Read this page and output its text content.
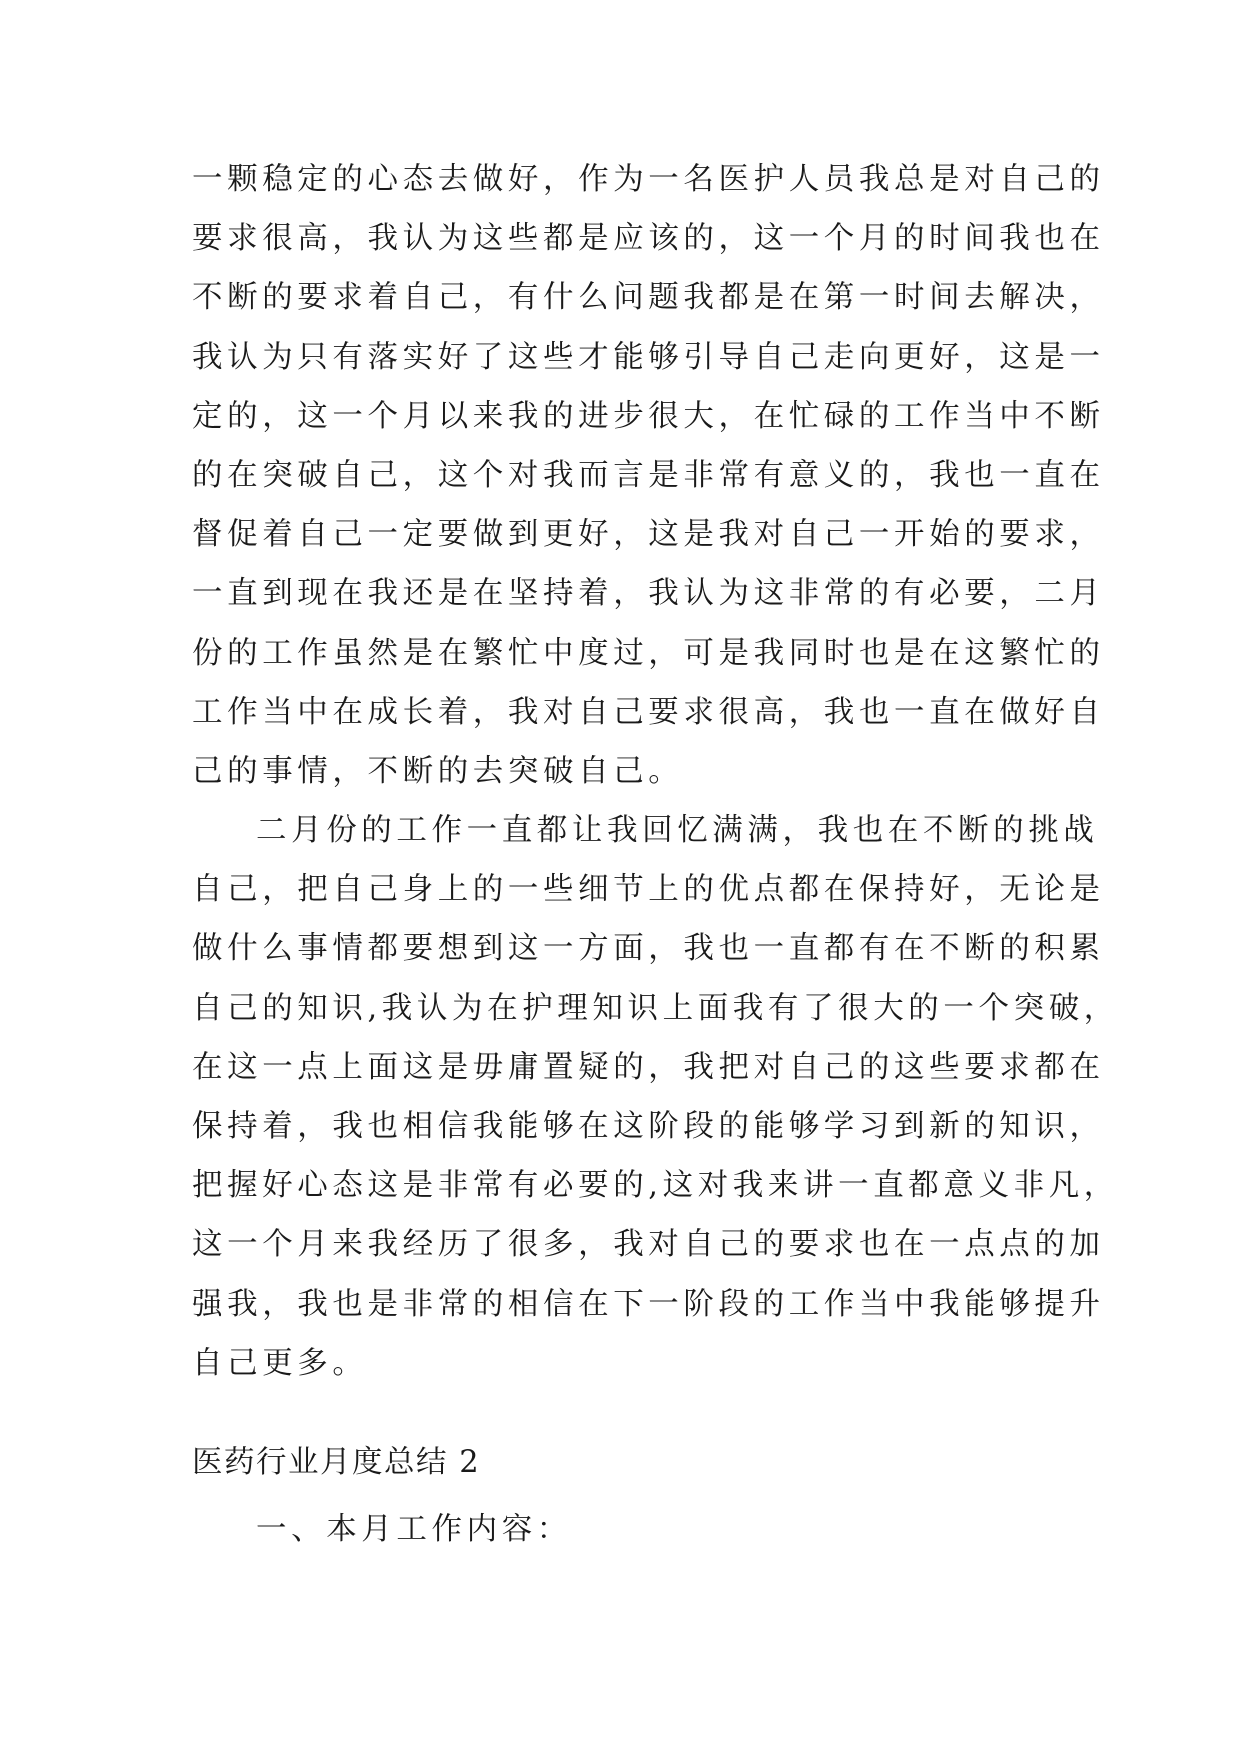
一颗稳定的心态去做好，作为一名医护人员我总是对自己的
要求很高，我认为这些都是应该的，这一个月的时间我也在
不断的要求着自己，有什么问题我都是在第一时间去解决，
我认为只有落实好了这些才能够引导自己走向更好，这是一
定的，这一个月以来我的进步很大，在忙碌的工作当中不断
的在突破自己，这个对我而言是非常有意义的，我也一直在
督促着自己一定要做到更好，这是我对自己一开始的要求，
一直到现在我还是在坚持着，我认为这非常的有必要，二月
份的工作虽然是在繁忙中度过，可是我同时也是在这繁忙的
工作当中在成长着，我对自己要求很高，我也一直在做好自
己的事情，不断的去突破自己。
二月份的工作一直都让我回忆满满，我也在不断的挑战
自己，把自己身上的一些细节上的优点都在保持好，无论是
做什么事情都要想到这一方面，我也一直都有在不断的积累
自己的知识,我认为在护理知识上面我有了很大的一个突破，
在这一点上面这是毋庸置疑的，我把对自己的这些要求都在
保持着，我也相信我能够在这阶段的能够学习到新的知识，
把握好心态这是非常有必要的,这对我来讲一直都意义非凡，
这一个月来我经历了很多，我对自己的要求也在一点点的加
强我，我也是非常的相信在下一阶段的工作当中我能够提升
自己更多。
医药行业月度总结 2
一、本月工作内容：
